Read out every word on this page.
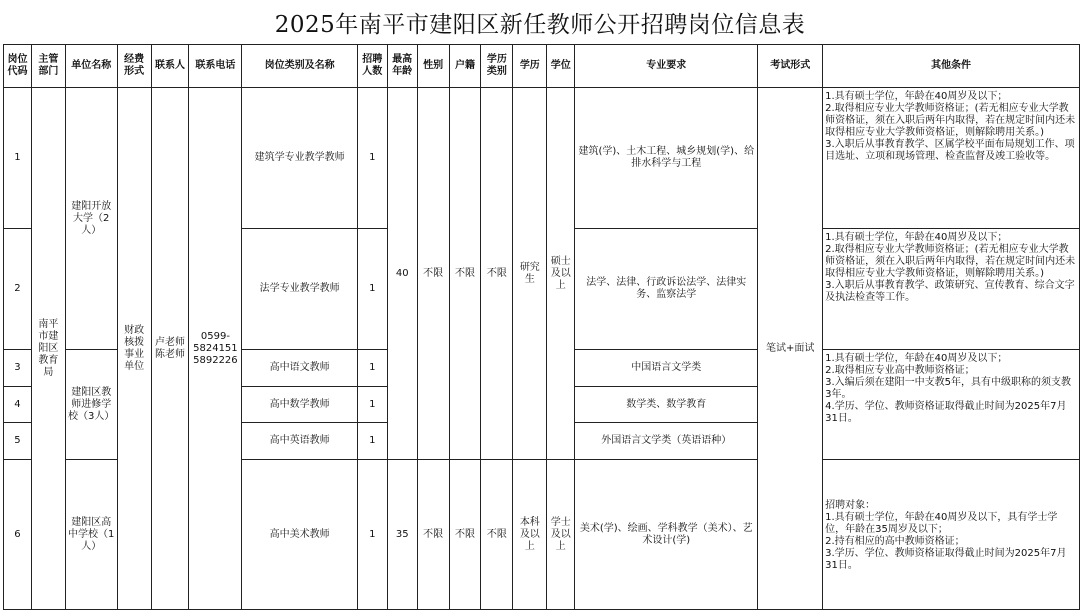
2025年南平市建阳区新任教师公开招聘岗位信息表
岗位代码	主管部门	单位名称	经费形式	联系人	联系电话	岗位类别及名称	招聘人数	最高年龄	性别	户籍	学历类别	学历	学位	专业要求	考试形式	其他条件
1	南平市建阳区教育局	建阳开放大学（2人）	财政核拨事业单位	卢老师 陈老师	0599-5824151 5892226	建筑学专业教学教师	1	40	不限	不限	不限	研究生	硕士及以上	建筑(学)、土木工程、城乡规划(学)、给排水科学与工程	笔试+面试	1.具有硕士学位，年龄在40周岁及以下；
2.取得相应专业大学教师资格证；(若无相应专业大学教师资格证，须在入职后两年内取得，若在规定时间内还未取得相应专业大学教师资格证，则解除聘用关系。)
3.入职后从事教育教学、区属学校平面布局规划工作、项目选址、立项和现场管理、检查监督及竣工验收等。

2						法学专业教学教师	1							法学、法律、行政诉讼法学、法律实务、监察法学		1.具有硕士学位，年龄在40周岁及以下；
2.取得相应专业大学教师资格证；(若无相应专业大学教师资格证，须在入职后两年内取得，若在规定时间内还未取得相应专业大学教师资格证，则解除聘用关系。)
3.入职后从事教育教学、政策研究、宣传教育、综合文字及执法检查等工作。

3		建阳区教师进修学校（3人）				高中语文教师	1							中国语言文学类		1.具有硕士学位，年龄在40周岁及以下；
2.取得相应专业高中教师资格证；
3.入编后须在建阳一中支教5年，具有中级职称的须支教3年。
4.学历、学位、教师资格证取得截止时间为2025年7月31日。

4						高中数学教师	1							数学类、数学教育		
5						高中英语教师	1							外国语言文学类（英语语种）		
6		建阳区高中学校（1人）				高中美术教师	1	35	不限	不限	不限	本科及以上	学士及以上	美术(学)、绘画、学科教学（美术）、艺术设计(学)		招聘对象：
1.具有硕士学位，年龄在40周岁及以下，具有学士学位，年龄在35周岁及以下；
2.持有相应的高中教师资格证；
3.学历、学位、教师资格证取得截止时间为2025年7月31日。
